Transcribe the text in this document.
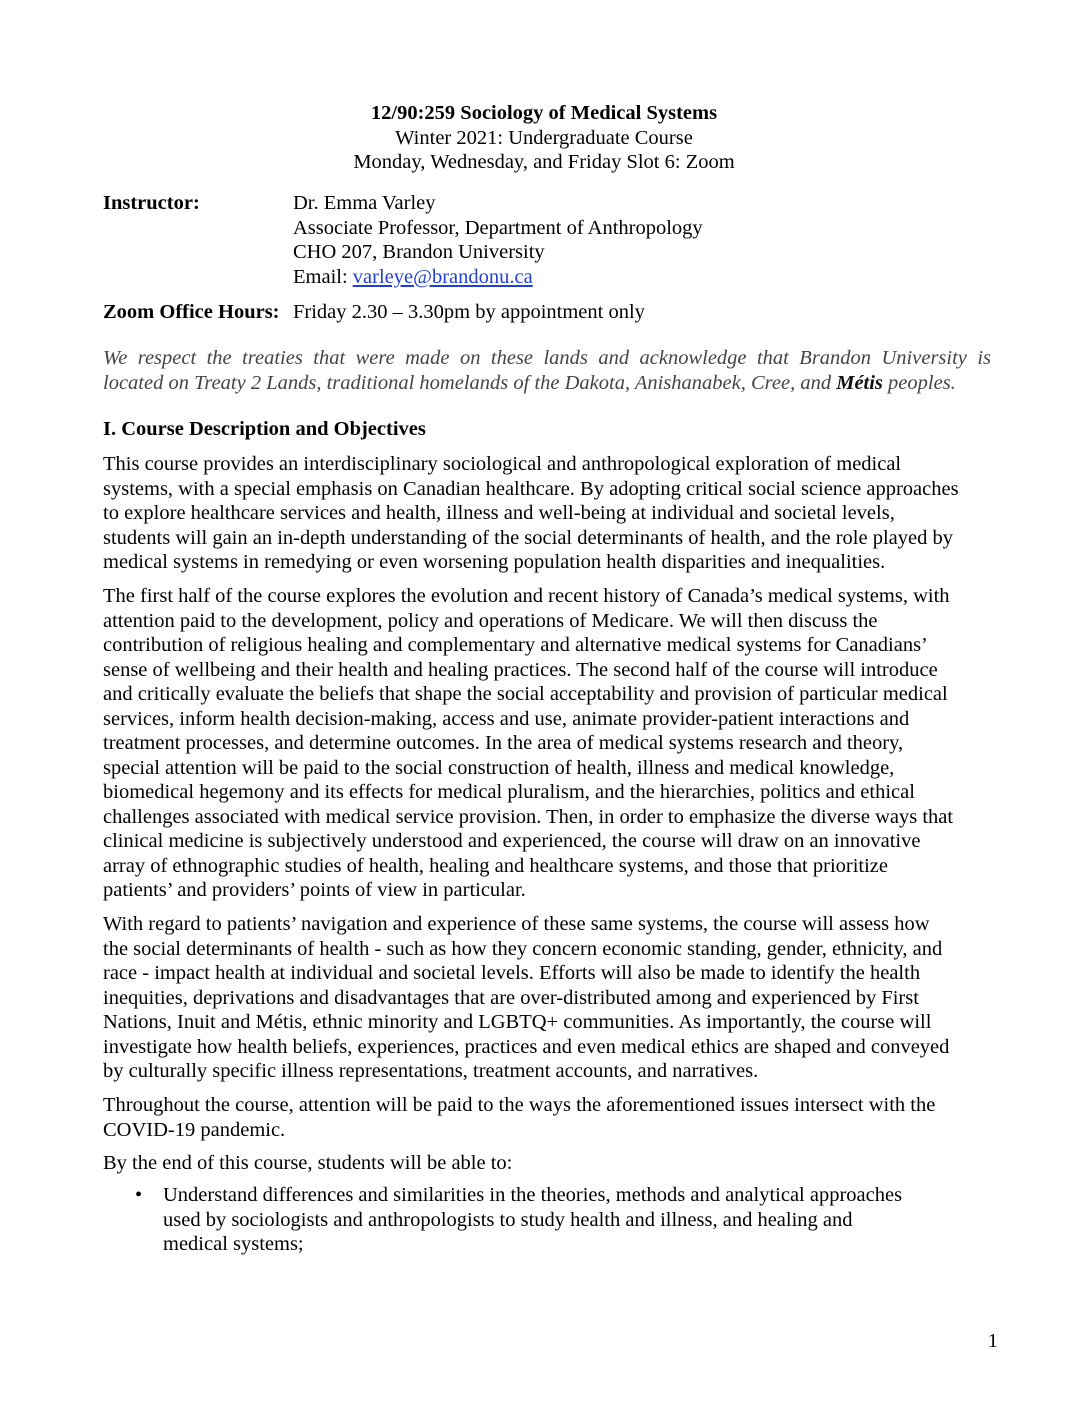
12/90:259 Sociology of Medical Systems
Winter 2021: Undergraduate Course
Monday, Wednesday, and Friday Slot 6: Zoom
Instructor:	Dr. Emma Varley
Associate Professor, Department of Anthropology
CHO 207, Brandon University
Email: varleye@brandonu.ca
Zoom Office Hours: Friday 2.30 – 3.30pm by appointment only
We respect the treaties that were made on these lands and acknowledge that Brandon University is
located on Treaty 2 Lands, traditional homelands of the Dakota, Anishanabek, Cree, and Métis peoples.
I. Course Description and Objectives
This course provides an interdisciplinary sociological and anthropological exploration of medical
systems, with a special emphasis on Canadian healthcare. By adopting critical social science approaches
to explore healthcare services and health, illness and well-being at individual and societal levels,
students will gain an in-depth understanding of the social determinants of health, and the role played by
medical systems in remedying or even worsening population health disparities and inequalities.
The first half of the course explores the evolution and recent history of Canada’s medical systems, with
attention paid to the development, policy and operations of Medicare. We will then discuss the
contribution of religious healing and complementary and alternative medical systems for Canadians’
sense of wellbeing and their health and healing practices. The second half of the course will introduce
and critically evaluate the beliefs that shape the social acceptability and provision of particular medical
services, inform health decision-making, access and use, animate provider-patient interactions and
treatment processes, and determine outcomes. In the area of medical systems research and theory,
special attention will be paid to the social construction of health, illness and medical knowledge,
biomedical hegemony and its effects for medical pluralism, and the hierarchies, politics and ethical
challenges associated with medical service provision. Then, in order to emphasize the diverse ways that
clinical medicine is subjectively understood and experienced, the course will draw on an innovative
array of ethnographic studies of health, healing and healthcare systems, and those that prioritize
patients’ and providers’ points of view in particular.
With regard to patients’ navigation and experience of these same systems, the course will assess how
the social determinants of health - such as how they concern economic standing, gender, ethnicity, and
race - impact health at individual and societal levels. Efforts will also be made to identify the health
inequities, deprivations and disadvantages that are over-distributed among and experienced by First
Nations, Inuit and Métis, ethnic minority and LGBTQ+ communities. As importantly, the course will
investigate how health beliefs, experiences, practices and even medical ethics are shaped and conveyed
by culturally specific illness representations, treatment accounts, and narratives.
Throughout the course, attention will be paid to the ways the aforementioned issues intersect with the
COVID-19 pandemic.
By the end of this course, students will be able to:
• Understand differences and similarities in the theories, methods and analytical approaches
used by sociologists and anthropologists to study health and illness, and healing and
medical systems;
1
